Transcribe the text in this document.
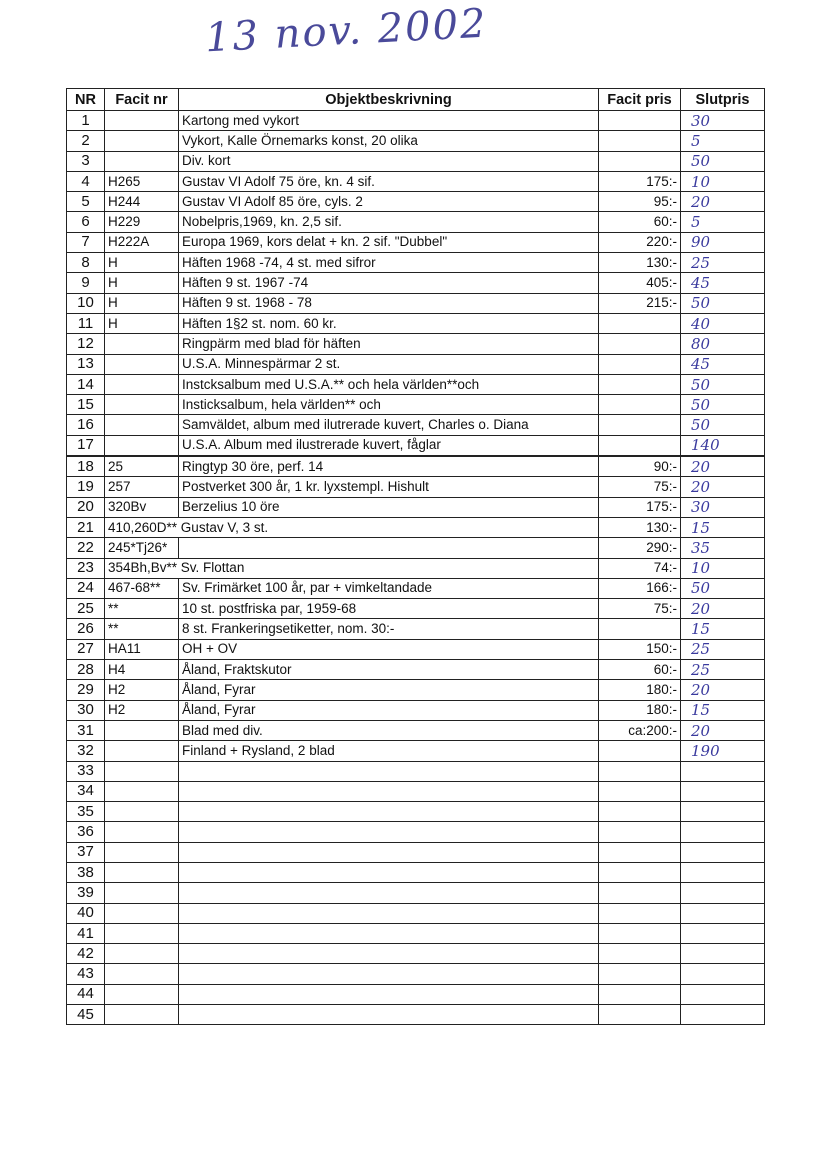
13 nov. 2002
NR	Facit nr	Objektbeskrivning	Facit pris	Slutpris
1		Kartong med vykort		30
2		Vykort, Kalle Örnemarks konst, 20 olika		5
3		Div. kort		50
4	H265	Gustav VI Adolf 75 öre, kn. 4 sif.	175:-	10
5	H244	Gustav VI Adolf 85 öre, cyls. 2	95:-	20
6	H229	Nobelpris,1969, kn. 2,5 sif.	60:-	5
7	H222A	Europa 1969, kors delat + kn. 2 sif. "Dubbel"	220:-	90
8	H	Häften 1968 -74, 4 st. med sifror	130:-	25
9	H	Häften 9 st. 1967 -74	405:-	45
10	H	Häften 9 st. 1968 - 78	215:-	50
11	H	Häften 1§2 st. nom. 60 kr.		40
12		Ringpärm med blad för häften		80
13		U.S.A. Minnespärmar 2 st.		45
14		Instcksalbum med U.S.A.** och hela världen**och		50
15		Insticksalbum, hela världen** och		50
16		Samväldet, album med ilutrerade kuvert, Charles o. Diana		50
17		U.S.A. Album med ilustrerade kuvert, fåglar		140
18	25	Ringtyp 30 öre, perf. 14	90:-	20
19	257	Postverket 300 år, 1 kr. lyxstempl. Hishult	75:-	20
20	320Bv	Berzelius 10 öre	175:-	30
21	410,260D** Gustav V, 3 st.		130:-	15
22	245*Tj26*		290:-	35
23	354Bh,Bv** Sv. Flottan		74:-	10
24	467-68**	Sv. Frimärket 100 år, par + vimkeltandade	166:-	50
25	**	10 st. postfriska par, 1959-68	75:-	20
26	**	8 st. Frankeringsetiketter, nom. 30:-		15
27	HA11	OH + OV	150:-	25
28	H4	Åland, Fraktskutor	60:-	25
29	H2	Åland, Fyrar	180:-	20
30	H2	Åland, Fyrar	180:-	15
31		Blad med div.	ca:200:-	20
32		Finland + Rysland, 2 blad		190
33				
34				
35				
36				
37				
38				
39				
40				
41				
42				
43				
44				
45				
